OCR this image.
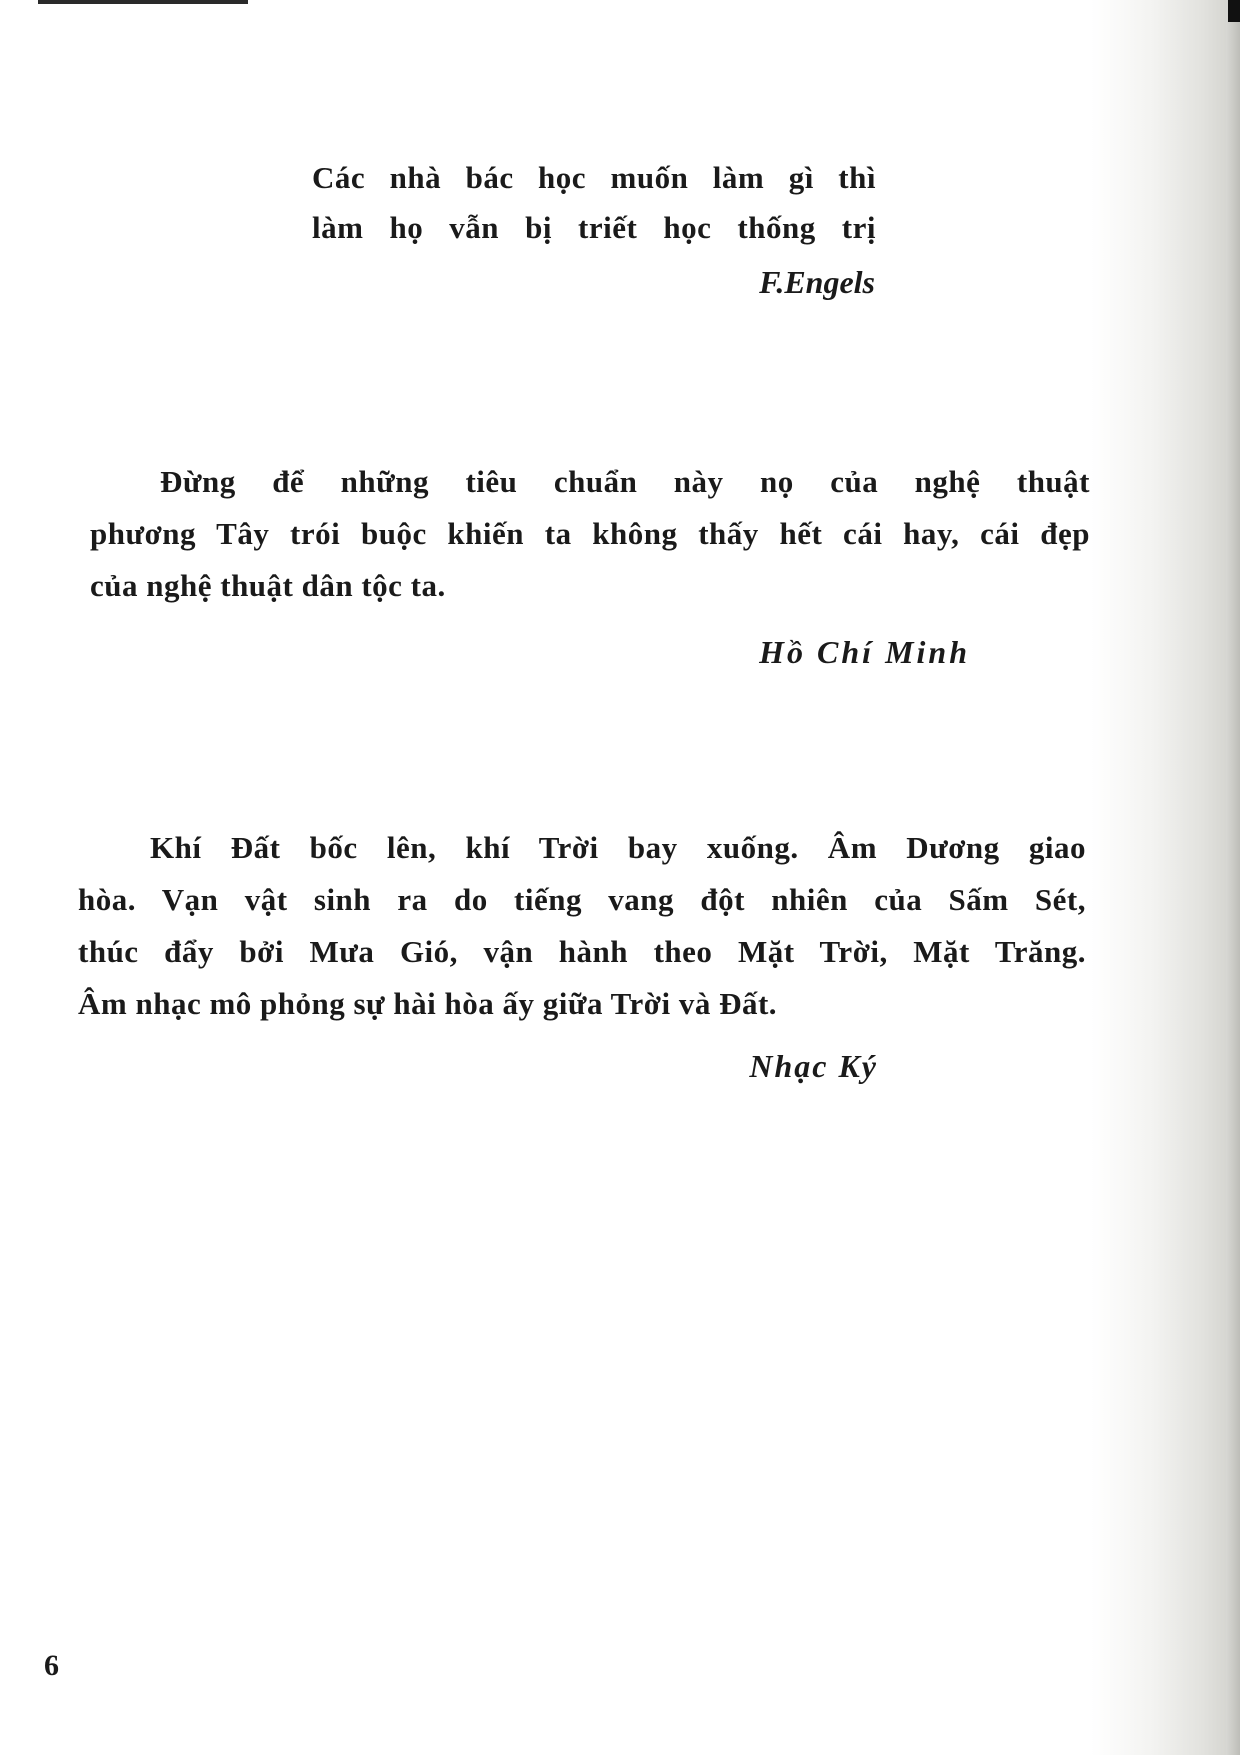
Các nhà bác học muốn làm gì thì
làm họ vẫn bị triết học thống trị
F.Engels
Đừng để những tiêu chuẩn này nọ của nghệ thuật
phương Tây trói buộc khiến ta không thấy hết cái hay, cái đẹp
của nghệ thuật dân tộc ta.
Hồ Chí Minh
Khí Đất bốc lên, khí Trời bay xuống. Âm Dương giao
hòa. Vạn vật sinh ra do tiếng vang đột nhiên của Sấm Sét,
thúc đẩy bởi Mưa Gió, vận hành theo Mặt Trời, Mặt Trăng.
Âm nhạc mô phỏng sự hài hòa ấy giữa Trời và Đất.
Nhạc Ký
6
